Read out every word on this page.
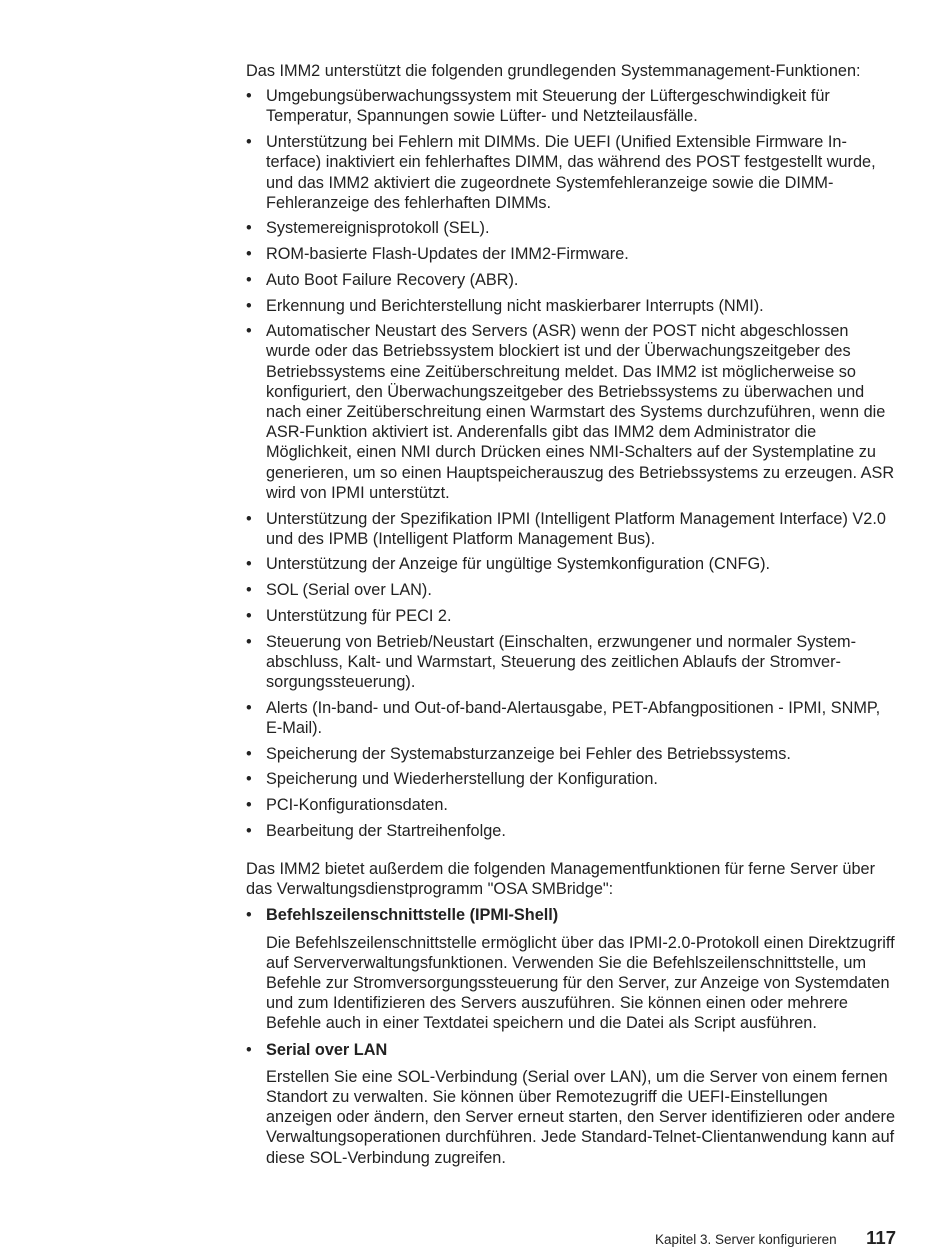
Das IMM2 unterstützt die folgenden grundlegenden Systemmanagement-Funktionen:

• Umgebungsüberwachungssystem mit Steuerung der Lüftergeschwindigkeit für Temperatur, Spannungen sowie Lüfter- und Netzteilausfälle.
• Unterstützung bei Fehlern mit DIMMs. Die UEFI (Unified Extensible Firmware Interface) inaktiviert ein fehlerhaftes DIMM, das während des POST festgestellt wurde, und das IMM2 aktiviert die zugeordnete Systemfehleranzeige sowie die DIMM-Fehleranzeige des fehlerhaften DIMMs.
• Systemereignisprotokoll (SEL).
• ROM-basierte Flash-Updates der IMM2-Firmware.
• Auto Boot Failure Recovery (ABR).
• Erkennung und Berichterstellung nicht maskierbarer Interrupts (NMI).
• Automatischer Neustart des Servers (ASR) wenn der POST nicht abgeschlossen wurde oder das Betriebssystem blockiert ist und der Überwachungszeitgeber des Betriebssystems eine Zeitüberschreitung meldet. Das IMM2 ist möglicherweise so konfiguriert, den Überwachungszeitgeber des Betriebssystems zu überwachen und nach einer Zeitüberschreitung einen Warmstart des Systems durchzuführen, wenn die ASR-Funktion aktiviert ist. Anderenfalls gibt das IMM2 dem Administrator die Möglichkeit, einen NMI durch Drücken eines NMI-Schalters auf der Systemplatine zu generieren, um so einen Hauptspeicherauszug des Betriebssystems zu erzeugen. ASR wird von IPMI unterstützt.
• Unterstützung der Spezifikation IPMI (Intelligent Platform Management Interface) V2.0 und des IPMB (Intelligent Platform Management Bus).
• Unterstützung der Anzeige für ungültige Systemkonfiguration (CNFG).
• SOL (Serial over LAN).
• Unterstützung für PECI 2.
• Steuerung von Betrieb/Neustart (Einschalten, erzwungener und normaler Systemabschluss, Kalt- und Warmstart, Steuerung des zeitlichen Ablaufs der Stromversorgungssteuerung).
• Alerts (In-band- und Out-of-band-Alertausgabe, PET-Abfangpositionen - IPMI, SNMP, E-Mail).
• Speicherung der Systemabsturzanzeige bei Fehler des Betriebssystems.
• Speicherung und Wiederherstellung der Konfiguration.
• PCI-Konfigurationsdaten.
• Bearbeitung der Startreihenfolge.

Das IMM2 bietet außerdem die folgenden Managementfunktionen für ferne Server über das Verwaltungsdienstprogramm "OSA SMBridge":

• Befehlszeilenschnittstelle (IPMI-Shell)
Die Befehlszeilenschnittstelle ermöglicht über das IPMI-2.0-Protokoll einen Direktzugriff auf Serververwaltungsfunktionen. Verwenden Sie die Befehlszeilenschnittstelle, um Befehle zur Stromversorgungssteuerung für den Server, zur Anzeige von Systemdaten und zum Identifizieren des Servers auszuführen. Sie können einen oder mehrere Befehle auch in einer Textdatei speichern und die Datei als Script ausführen.
• Serial over LAN
Erstellen Sie eine SOL-Verbindung (Serial over LAN), um die Server von einem fernen Standort zu verwalten. Sie können über Remotezugriff die UEFI-Einstellungen anzeigen oder ändern, den Server erneut starten, den Server identifizieren oder andere Verwaltungsoperationen durchführen. Jede Standard-Telnet-Clientanwendung kann auf diese SOL-Verbindung zugreifen.
Kapitel 3. Server konfigurieren 117
